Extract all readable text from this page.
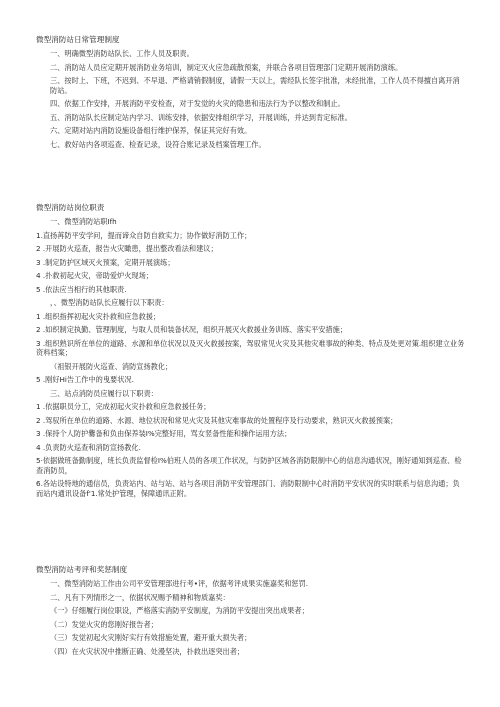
微型消防站日常管理制度
一、明确微型消防站队长、工作人员及职责。
二、消防站人员应定期开展消防业务培训，制定灭火应急疏散预案，并联合各项目管理部门定期开展消防演练。
三、按时上、下班，不迟到、不早退、严格请销假制度，请假一天以上，需经队长签字批准，未经批准，工作人员不得擅自离开消防站。
四、依据工作安排，开展消防平安检查，对于发觉的火灾的隐患和违法行为予以整改和制止。
五、消防站队长应制定站内学习、训练安排，依据安排组织学习，开展训练，并达到肯定标准。
六、定期对站内消防设施设备组行维护保养，保证其完好有效。
七、救好站内各项巡查、检查记录，设符合账记录及档案管理工作。
微型消防站岗位职责
一、微型消防站职Ifh
1.直扬苒防平安学问，提而谛众自防自救实力；协作做好消防工作；
2 .开展防火巡查，报告火灾瞰患，提出整改看法和建议；
3 .制定防护区域灭火预案，定期开展演练；
4 .扑救初起火灾，帝助爱炉火现场；
5 .依法应当相行的其他职责.
，、微型消防站队长应履行以下职责：
1 .组织指挥初起火灾扑救和应急救援；
2 .如织制定执勤、管理制度，与取人员和装备状况，组织开展灭火救援业务训练、落实平安措施；
3 .组织熟识所在单位的道路、水源和单位状况以及灭火救援按案，驾驭常见火灾及其他灾难事故的种类、特点及处更对策.组织建立业务资料档案；
（祖银开展防火巡查、消防宣扬教化；
5 .刚好Hi告工作中的曳要状况.
三、站点消防员应履行以下职责：
1 .依据职员分工，完成初起火灾扑救和应急救援任务；
2 .驾驭所在单位的道路、水源、地位状况和常见火灾及其他灾难事故的处置程序及行动要求，熟识灭火救援预案；
3 .保持个人防护爨备和负由保养装I%完整好用，骂女竖备性能和操作运用方法；
4 .负责防火巡查和消防宣扬教化.
5·依据做班备勤制度，班长负责监督检I%伯班人员的各项工作状况，与防护区域各消防限制中心的信息沟通状况，刚好通知到巡查、检查消防员，
6.各站设特地的通信员，负责站内、站与站、站与各项目消防平安管理部门、消防限制中心时消防平安状况的实时联系与信息沟通；负而站内通讯设备f'1.常处护管理，保障通讯正附。
微型消防站考评和奖惩制度
一、微型消防站工作由公司平安管理部进行考•评，依据考评成果实施嘉奖和惩罚.
二、凡有下列情形之一，依据状况赐予精神和物质嘉奖：
《一》仔细履行岗位职设，严格落实消防平安制度，为消防平安提出突出成果者；
（二）发觉火灾的您刚好报告者；
（三）发觉初起火灾刚好实行有效措施处置，避开重大损失者；
（四）在火灾状况中推断正确、处漫坚决，扑救出逐突出者；
